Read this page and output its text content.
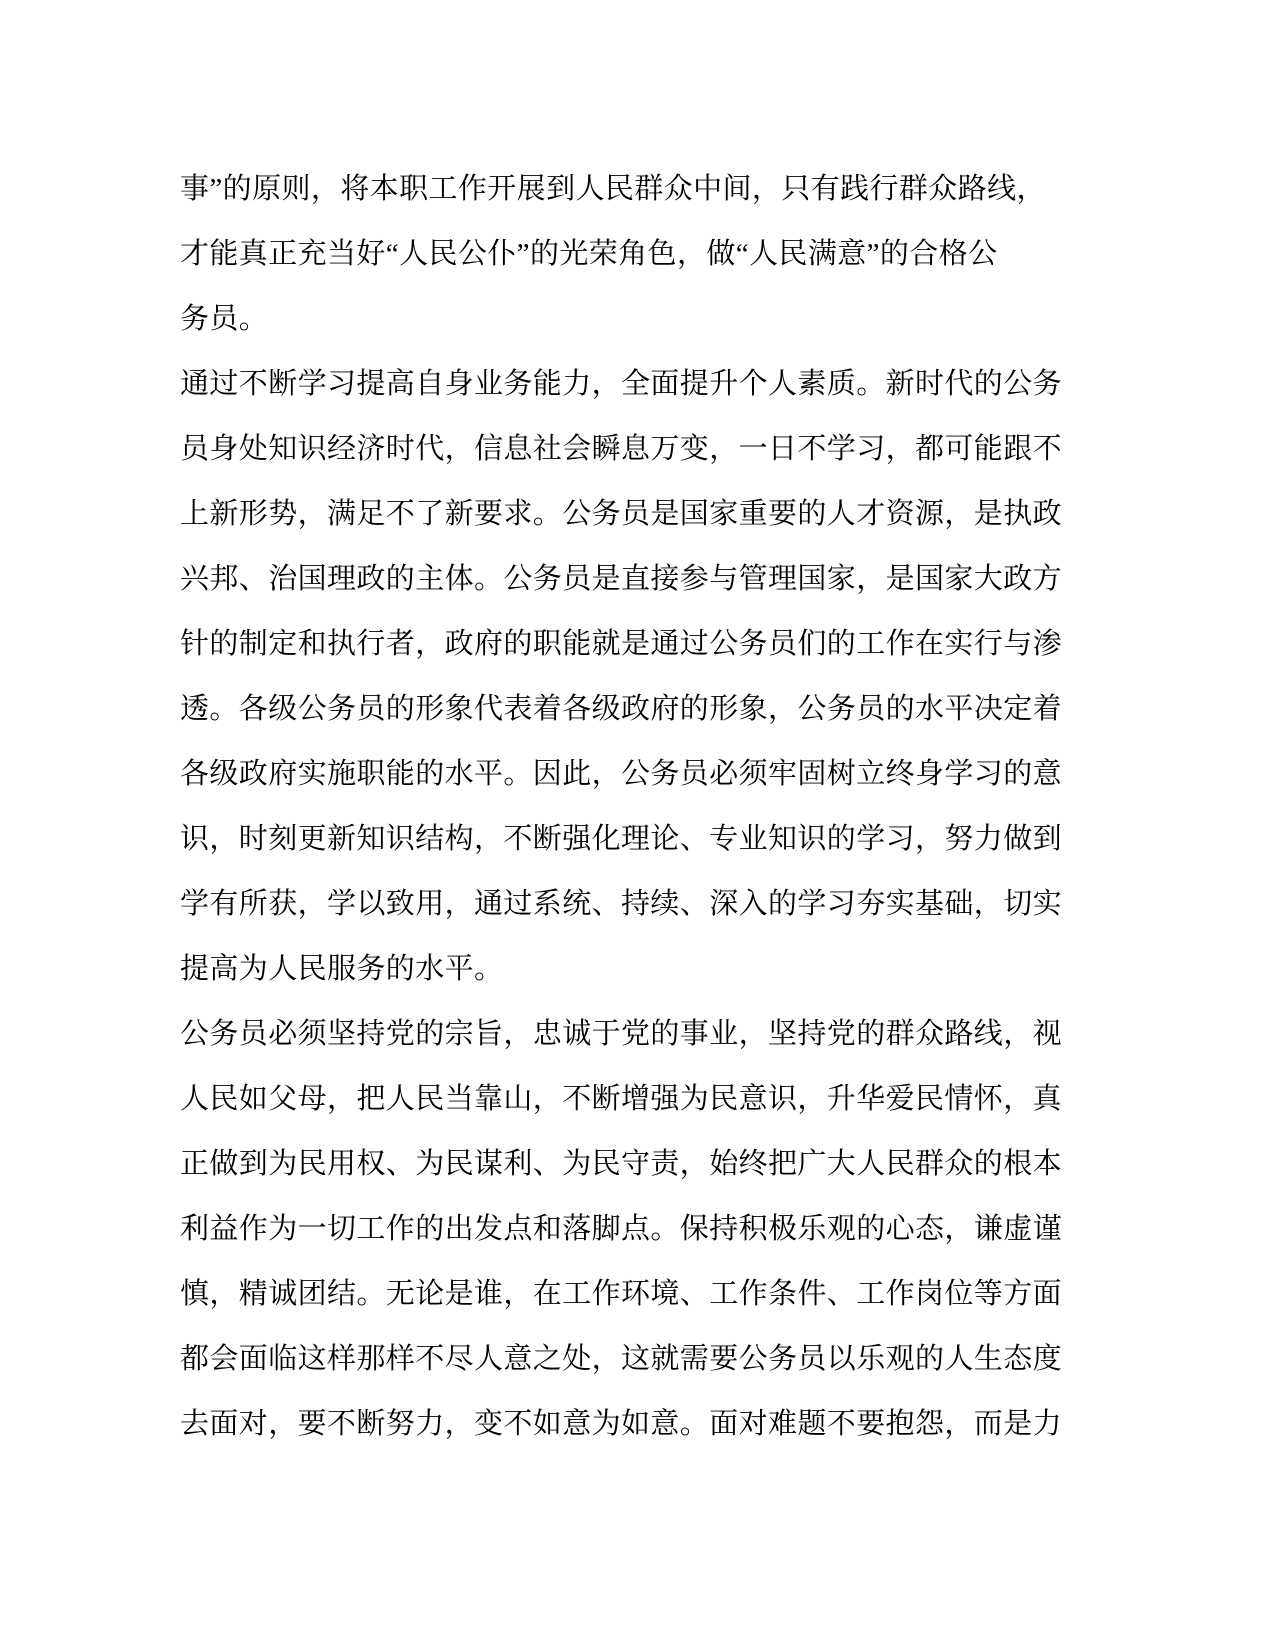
事”的原则，将本职工作开展到人民群众中间，只有践行群众路线，
才能真正充当好“人民公仆”的光荣角色，做“人民满意”的合格公
务员。
通过不断学习提高自身业务能力，全面提升个人素质。新时代的公务
员身处知识经济时代，信息社会瞬息万变，一日不学习，都可能跟不
上新形势，满足不了新要求。公务员是国家重要的人才资源，是执政
兴邦、治国理政的主体。公务员是直接参与管理国家，是国家大政方
针的制定和执行者，政府的职能就是通过公务员们的工作在实行与渗
透。各级公务员的形象代表着各级政府的形象，公务员的水平决定着
各级政府实施职能的水平。因此，公务员必须牢固树立终身学习的意
识，时刻更新知识结构，不断强化理论、专业知识的学习，努力做到
学有所获，学以致用，通过系统、持续、深入的学习夯实基础，切实
提高为人民服务的水平。
公务员必须坚持党的宗旨，忠诚于党的事业，坚持党的群众路线，视
人民如父母，把人民当靠山，不断增强为民意识，升华爱民情怀，真
正做到为民用权、为民谋利、为民守责，始终把广大人民群众的根本
利益作为一切工作的出发点和落脚点。保持积极乐观的心态，谦虚谨
慎，精诚团结。无论是谁，在工作环境、工作条件、工作岗位等方面
都会面临这样那样不尽人意之处，这就需要公务员以乐观的人生态度
去面对，要不断努力，变不如意为如意。面对难题不要抱怨，而是力
